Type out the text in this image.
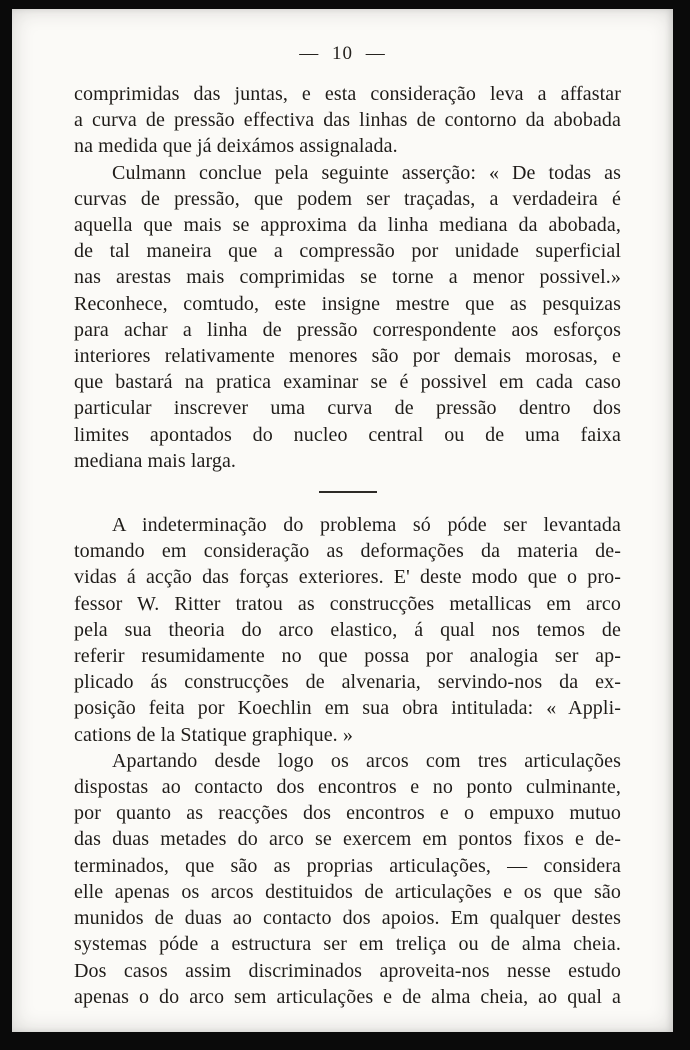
— 10 —
comprimidas das juntas, e esta consideração leva a affastar
a curva de pressão effectiva das linhas de contorno da abobada
na medida que já deixámos assignalada.
Culmann conclue pela seguinte asserção: « De todas as
curvas de pressão, que podem ser traçadas, a verdadeira é
aquella que mais se approxima da linha mediana da abobada,
de tal maneira que a compressão por unidade superficial
nas arestas mais comprimidas se torne a menor possivel.»
Reconhece, comtudo, este insigne mestre que as pesquizas
para achar a linha de pressão correspondente aos esforços
interiores relativamente menores são por demais morosas, e
que bastará na pratica examinar se é possivel em cada caso
particular inscrever uma curva de pressão dentro dos
limites apontados do nucleo central ou de uma faixa
mediana mais larga.
A indeterminação do problema só póde ser levantada
tomando em consideração as deformações da materia de-
vidas á acção das forças exteriores. E' deste modo que o pro-
fessor W. Ritter tratou as construcções metallicas em arco
pela sua theoria do arco elastico, á qual nos temos de
referir resumidamente no que possa por analogia ser ap-
plicado ás construcções de alvenaria, servindo-nos da ex-
posição feita por Koechlin em sua obra intitulada: « Appli-
cations de la Statique graphique. »
Apartando desde logo os arcos com tres articulações
dispostas ao contacto dos encontros e no ponto culminante,
por quanto as reacções dos encontros e o empuxo mutuo
das duas metades do arco se exercem em pontos fixos e de-
terminados, que são as proprias articulações, — considera
elle apenas os arcos destituidos de articulações e os que são
munidos de duas ao contacto dos apoios. Em qualquer destes
systemas póde a estructura ser em treliça ou de alma cheia.
Dos casos assim discriminados aproveita-nos nesse estudo
apenas o do arco sem articulações e de alma cheia, ao qual a
